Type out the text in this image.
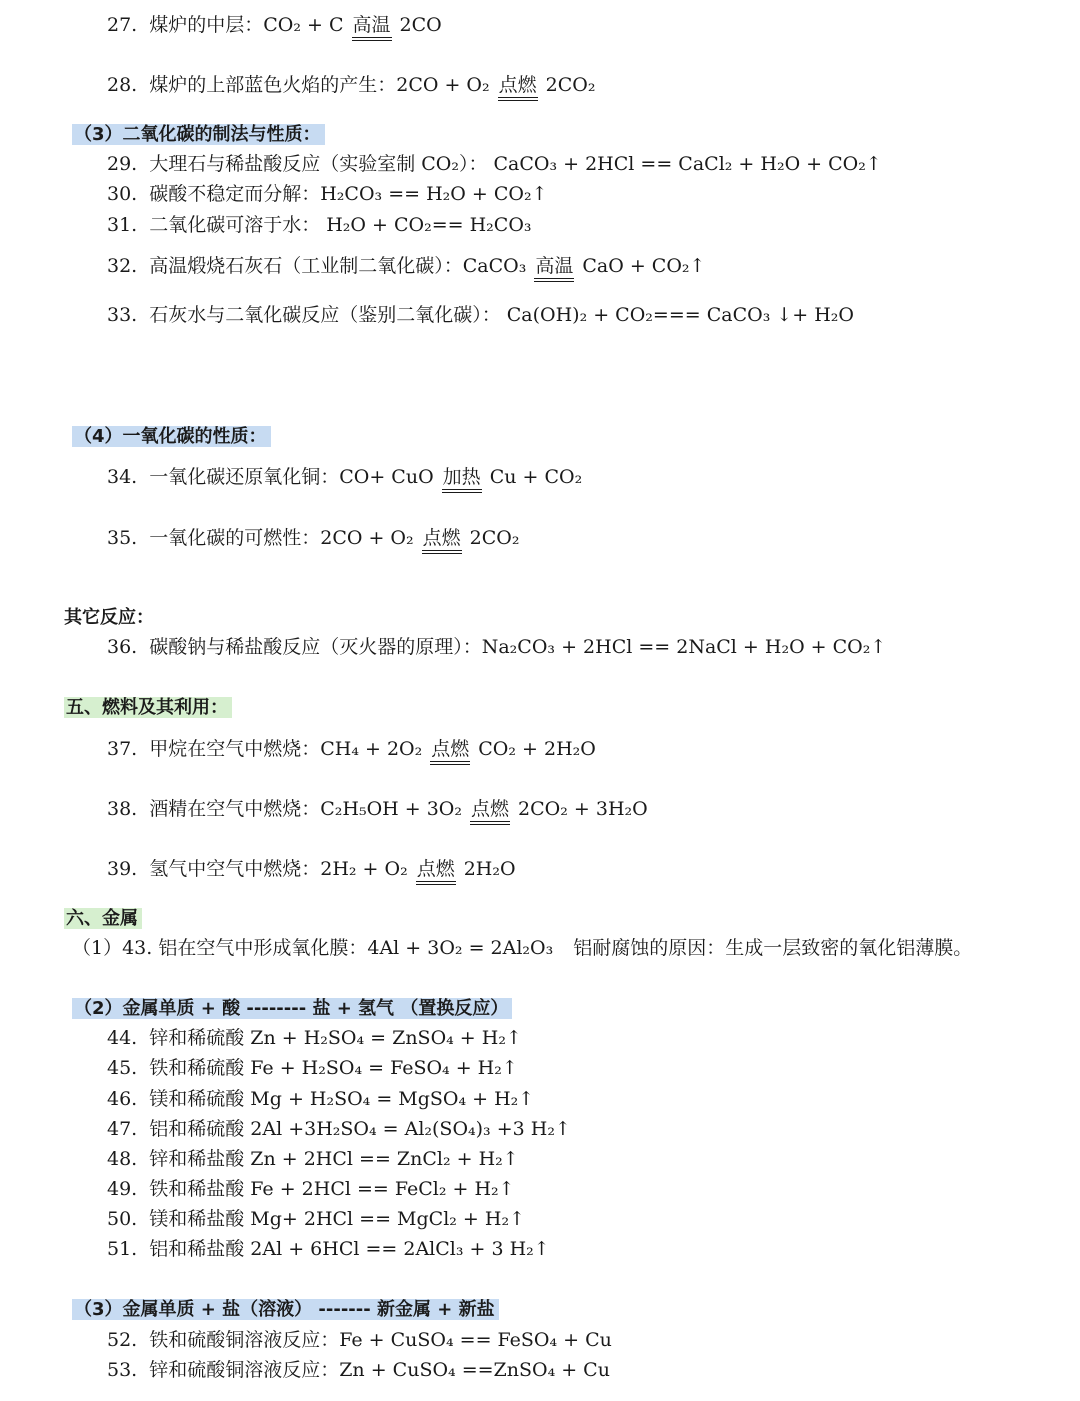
27. 煤炉的中层：CO₂ + C 高温 2CO
28. 煤炉的上部蓝色火焰的产生：2CO + O₂ 点燃 2CO₂
（3）二氧化碳的制法与性质：
29. 大理石与稀盐酸反应（实验室制 CO₂）： CaCO₃ + 2HCl == CaCl₂ + H₂O + CO₂↑
30. 碳酸不稳定而分解：H₂CO₃ == H₂O + CO₂↑
31. 二氧化碳可溶于水： H₂O + CO₂== H₂CO₃
32. 高温煅烧石灰石（工业制二氧化碳）：CaCO₃ 高温 CaO + CO₂↑
33. 石灰水与二氧化碳反应（鉴别二氧化碳）： Ca(OH)₂ + CO₂=== CaCO₃ ↓+ H₂O
（4）一氧化碳的性质：
34. 一氧化碳还原氧化铜：CO+ CuO 加热 Cu + CO₂
35. 一氧化碳的可燃性：2CO + O₂ 点燃 2CO₂
其它反应：
36. 碳酸钠与稀盐酸反应（灭火器的原理）：Na₂CO₃ + 2HCl == 2NaCl + H₂O + CO₂↑
五、燃料及其利用：
37. 甲烷在空气中燃烧：CH₄ + 2O₂ 点燃 CO₂ + 2H₂O
38. 酒精在空气中燃烧：C₂H₅OH + 3O₂ 点燃 2CO₂ + 3H₂O
39. 氢气中空气中燃烧：2H₂ + O₂ 点燃 2H₂O
六、金属
（1）43. 铝在空气中形成氧化膜：4Al + 3O₂ = 2Al₂O₃ 铝耐腐蚀的原因：生成一层致密的氧化铝薄膜。
（2）金属单质 + 酸 -------- 盐 + 氢气 （置换反应）
44. 锌和稀硫酸 Zn + H₂SO₄ = ZnSO₄ + H₂↑
45. 铁和稀硫酸 Fe + H₂SO₄ = FeSO₄ + H₂↑
46. 镁和稀硫酸 Mg + H₂SO₄ = MgSO₄ + H₂↑
47. 铝和稀硫酸 2Al +3H₂SO₄ = Al₂(SO₄)₃ +3 H₂↑
48. 锌和稀盐酸 Zn + 2HCl == ZnCl₂ + H₂↑
49. 铁和稀盐酸 Fe + 2HCl == FeCl₂ + H₂↑
50. 镁和稀盐酸 Mg+ 2HCl == MgCl₂ + H₂↑
51. 铝和稀盐酸 2Al + 6HCl == 2AlCl₃ + 3 H₂↑
（3）金属单质 + 盐（溶液） ------- 新金属 + 新盐
52. 铁和硫酸铜溶液反应：Fe + CuSO₄ == FeSO₄ + Cu
53. 锌和硫酸铜溶液反应：Zn + CuSO₄ ==ZnSO₄ + Cu
